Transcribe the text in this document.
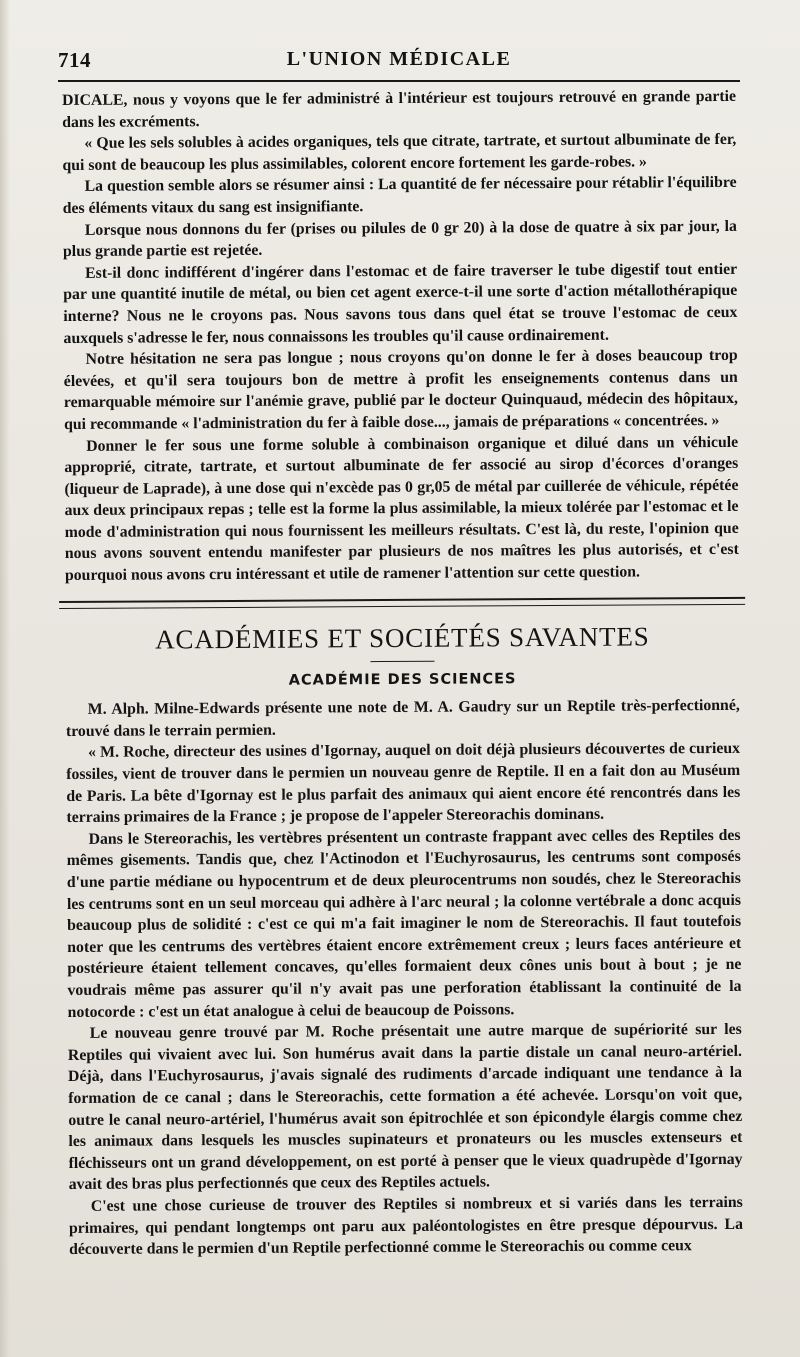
714	L'UNION MÉDICALE

DICALE, nous y voyons que le fer administré à l'intérieur est toujours retrouvé en grande partie dans les excréments.

« Que les sels solubles à acides organiques, tels que citrate, tartrate, et surtout albuminate de fer, qui sont de beaucoup les plus assimilables, colorent encore fortement les garde-robes. »

La question semble alors se résumer ainsi : La quantité de fer nécessaire pour rétablir l'équilibre des éléments vitaux du sang est insignifiante.

Lorsque nous donnons du fer (prises ou pilules de 0 gr 20) à la dose de quatre à six par jour, la plus grande partie est rejetée.

Est-il donc indifférent d'ingérer dans l'estomac et de faire traverser le tube digestif tout entier par une quantité inutile de métal, ou bien cet agent exerce-t-il une sorte d'action métallothérapique interne? Nous ne le croyons pas. Nous savons tous dans quel état se trouve l'estomac de ceux auxquels s'adresse le fer, nous connaissons les troubles qu'il cause ordinairement.

Notre hésitation ne sera pas longue ; nous croyons qu'on donne le fer à doses beaucoup trop élevées, et qu'il sera toujours bon de mettre à profit les enseignements contenus dans un remarquable mémoire sur l'anémie grave, publié par le docteur Quinquaud, médecin des hôpitaux, qui recommande « l'administration du fer à faible dose..., jamais de préparations « concentrées. »

Donner le fer sous une forme soluble à combinaison organique et dilué dans un véhicule approprié, citrate, tartrate, et surtout albuminate de fer associé au sirop d'écorces d'oranges (liqueur de Laprade), à une dose qui n'excède pas 0 gr,05 de métal par cuillerée de véhicule, répétée aux deux principaux repas ; telle est la forme la plus assimilable, la mieux tolérée par l'estomac et le mode d'administration qui nous fournissent les meilleurs résultats. C'est là, du reste, l'opinion que nous avons souvent entendu manifester par plusieurs de nos maîtres les plus autorisés, et c'est pourquoi nous avons cru intéressant et utile de ramener l'attention sur cette question.

ACADÉMIES ET SOCIÉTÉS SAVANTES
ACADÉMIE DES SCIENCES

M. Alph. Milne-Edwards présente une note de M. A. Gaudry sur un Reptile très-perfectionné, trouvé dans le terrain permien.

« M. Roche, directeur des usines d'Igornay, auquel on doit déjà plusieurs découvertes de curieux fossiles, vient de trouver dans le permien un nouveau genre de Reptile. Il en a fait don au Muséum de Paris. La bête d'Igornay est le plus parfait des animaux qui aient encore été rencontrés dans les terrains primaires de la France ; je propose de l'appeler Stereorachis dominans.

Dans le Stereorachis, les vertèbres présentent un contraste frappant avec celles des Reptiles des mêmes gisements. Tandis que, chez l'Actinodon et l'Euchyrosaurus, les centrums sont composés d'une partie médiane ou hypocentrum et de deux pleurocentrums non soudés, chez le Stereorachis les centrums sont en un seul morceau qui adhère à l'arc neural ; la colonne vertébrale a donc acquis beaucoup plus de solidité : c'est ce qui m'a fait imaginer le nom de Stereorachis. Il faut toutefois noter que les centrums des vertèbres étaient encore extrêmement creux ; leurs faces antérieure et postérieure étaient tellement concaves, qu'elles formaient deux cônes unis bout à bout ; je ne voudrais même pas assurer qu'il n'y avait pas une perforation établissant la continuité de la notocorde : c'est un état analogue à celui de beaucoup de Poissons.

Le nouveau genre trouvé par M. Roche présentait une autre marque de supériorité sur les Reptiles qui vivaient avec lui. Son humérus avait dans la partie distale un canal neuro-artériel. Déjà, dans l'Euchyrosaurus, j'avais signalé des rudiments d'arcade indiquant une tendance à la formation de ce canal ; dans le Stereorachis, cette formation a été achevée. Lorsqu'on voit que, outre le canal neuro-artériel, l'humérus avait son épitrochlée et son épicondyle élargis comme chez les animaux dans lesquels les muscles supinateurs et pronateurs ou les muscles extenseurs et fléchisseurs ont un grand développement, on est porté à penser que le vieux quadrupède d'Igornay avait des bras plus perfectionnés que ceux des Reptiles actuels.

C'est une chose curieuse de trouver des Reptiles si nombreux et si variés dans les terrains primaires, qui pendant longtemps ont paru aux paléontologistes en être presque dépourvus. La découverte dans le permien d'un Reptile perfectionné comme le Stereorachis ou comme ceux
